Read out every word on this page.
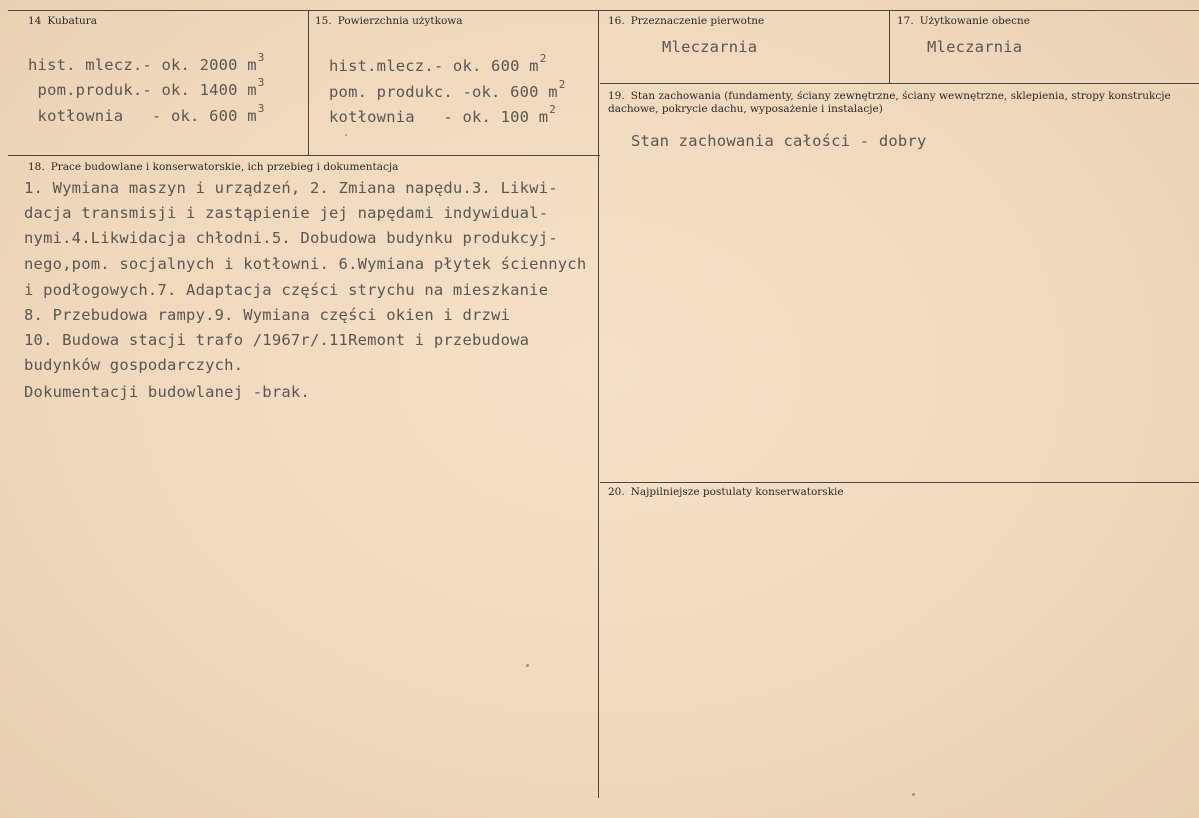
14 Kubatura
hist. mlecz.- ok. 2000 $m^3$
pom.produk.- ok. 1400 $m^3$
kotłownia   - ok. 600 $m^3$
15. Powierzchnia użytkowa
hist.mlecz.- ok. 600 $m^2$
pom. produkc. -ok. 600 $m^2$
kotłownia   - ok. 100 $m^2$
16. Przeznaczenie pierwotne
Mleczarnia
17. Użytkowanie obecne
Mleczarnia
19. Stan zachowania (fundamenty, ściany zewnętrzne, ściany wewnętrzne, sklepienia, stropy konstrukcje dachowe, pokrycie dachu, wyposażenie i instalacje)
Stan zachowania całości - dobry
18. Prace budowlane i konserwatorskie, ich przebieg i dokumentacja
1. Wymiana maszyn i urządzeń, 2. Zmiana napędu.3. Likwi-
dacja transmisji i zastąpienie jej napędami indywidual-
nymi.4.Likwidacja chłodni.5. Dobudowa budynku produkcyj-
nego,pom. socjalnych i kotłowni. 6.Wymiana płytek ściennych
i podłogowych.7. Adaptacja części strychu na mieszkanie
8. Przebudowa rampy.9. Wymiana części okien i drzwi
10. Budowa stacji trafo /1967r/.11Remont i przebudowa
budynków gospodarczych.
Dokumentacji budowlanej -brak.
20. Najpilniejsze postulaty konserwatorskie
